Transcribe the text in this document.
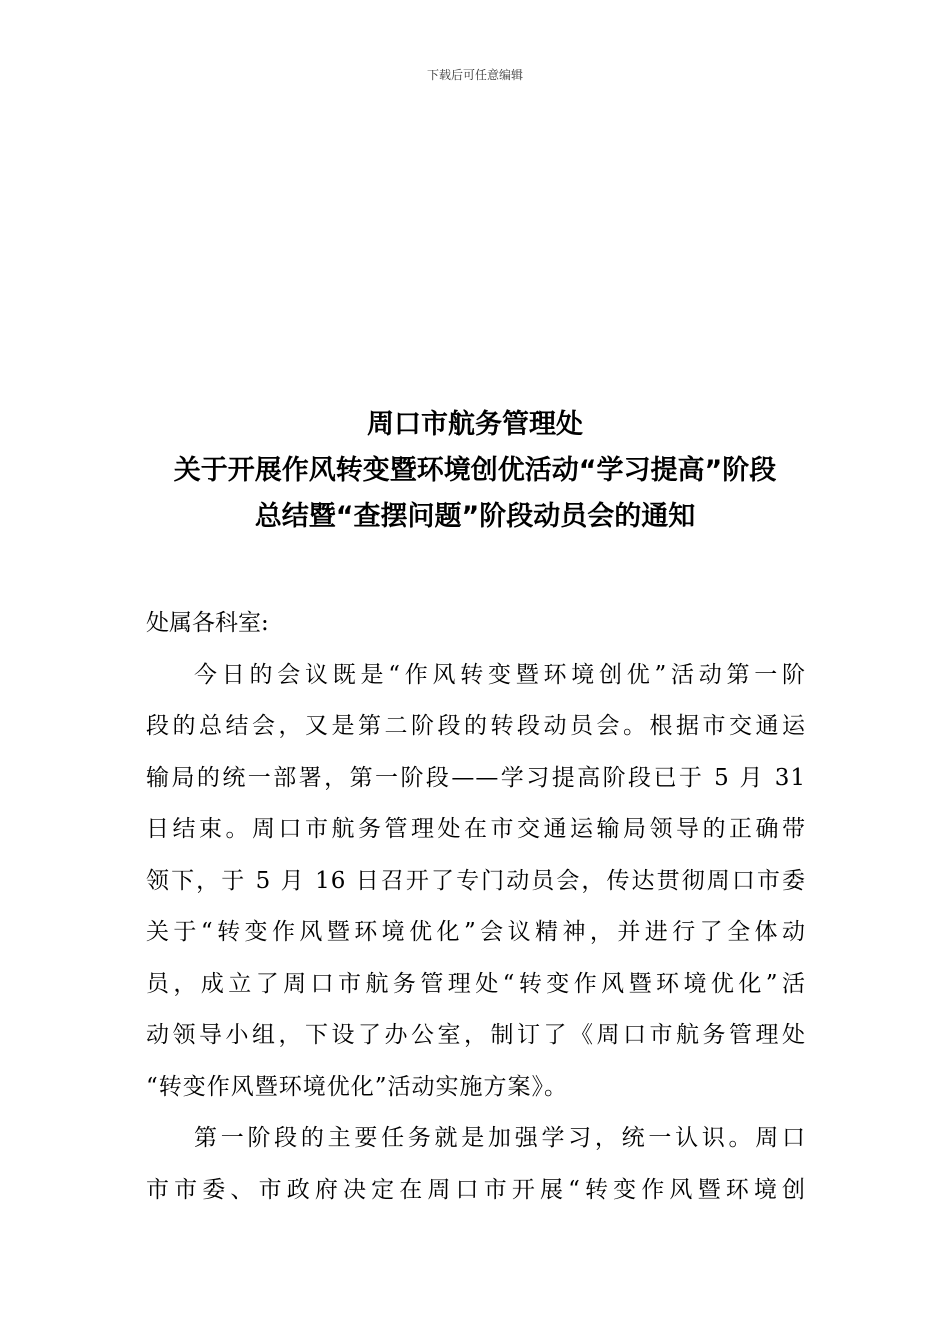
下载后可任意编辑
周口市航务管理处
关于开展作风转变暨环境创优活动“学习提高”阶段
总结暨“查摆问题”阶段动员会的通知
处属各科室:
今日的会议既是“作风转变暨环境创优”活动第一阶
段的总结会，又是第二阶段的转段动员会。根据市交通运
输局的统一部署，第一阶段——学习提高阶段已于 5 月 31
日结束。周口市航务管理处在市交通运输局领导的正确带
领下，于 5 月 16 日召开了专门动员会，传达贯彻周口市委
关于“转变作风暨环境优化”会议精神，并进行了全体动
员，成立了周口市航务管理处“转变作风暨环境优化”活
动领导小组，下设了办公室，制订了《周口市航务管理处
“转变作风暨环境优化”活动实施方案》。
第一阶段的主要任务就是加强学习，统一认识。周口
市市委、市政府决定在周口市开展“转变作风暨环境创
